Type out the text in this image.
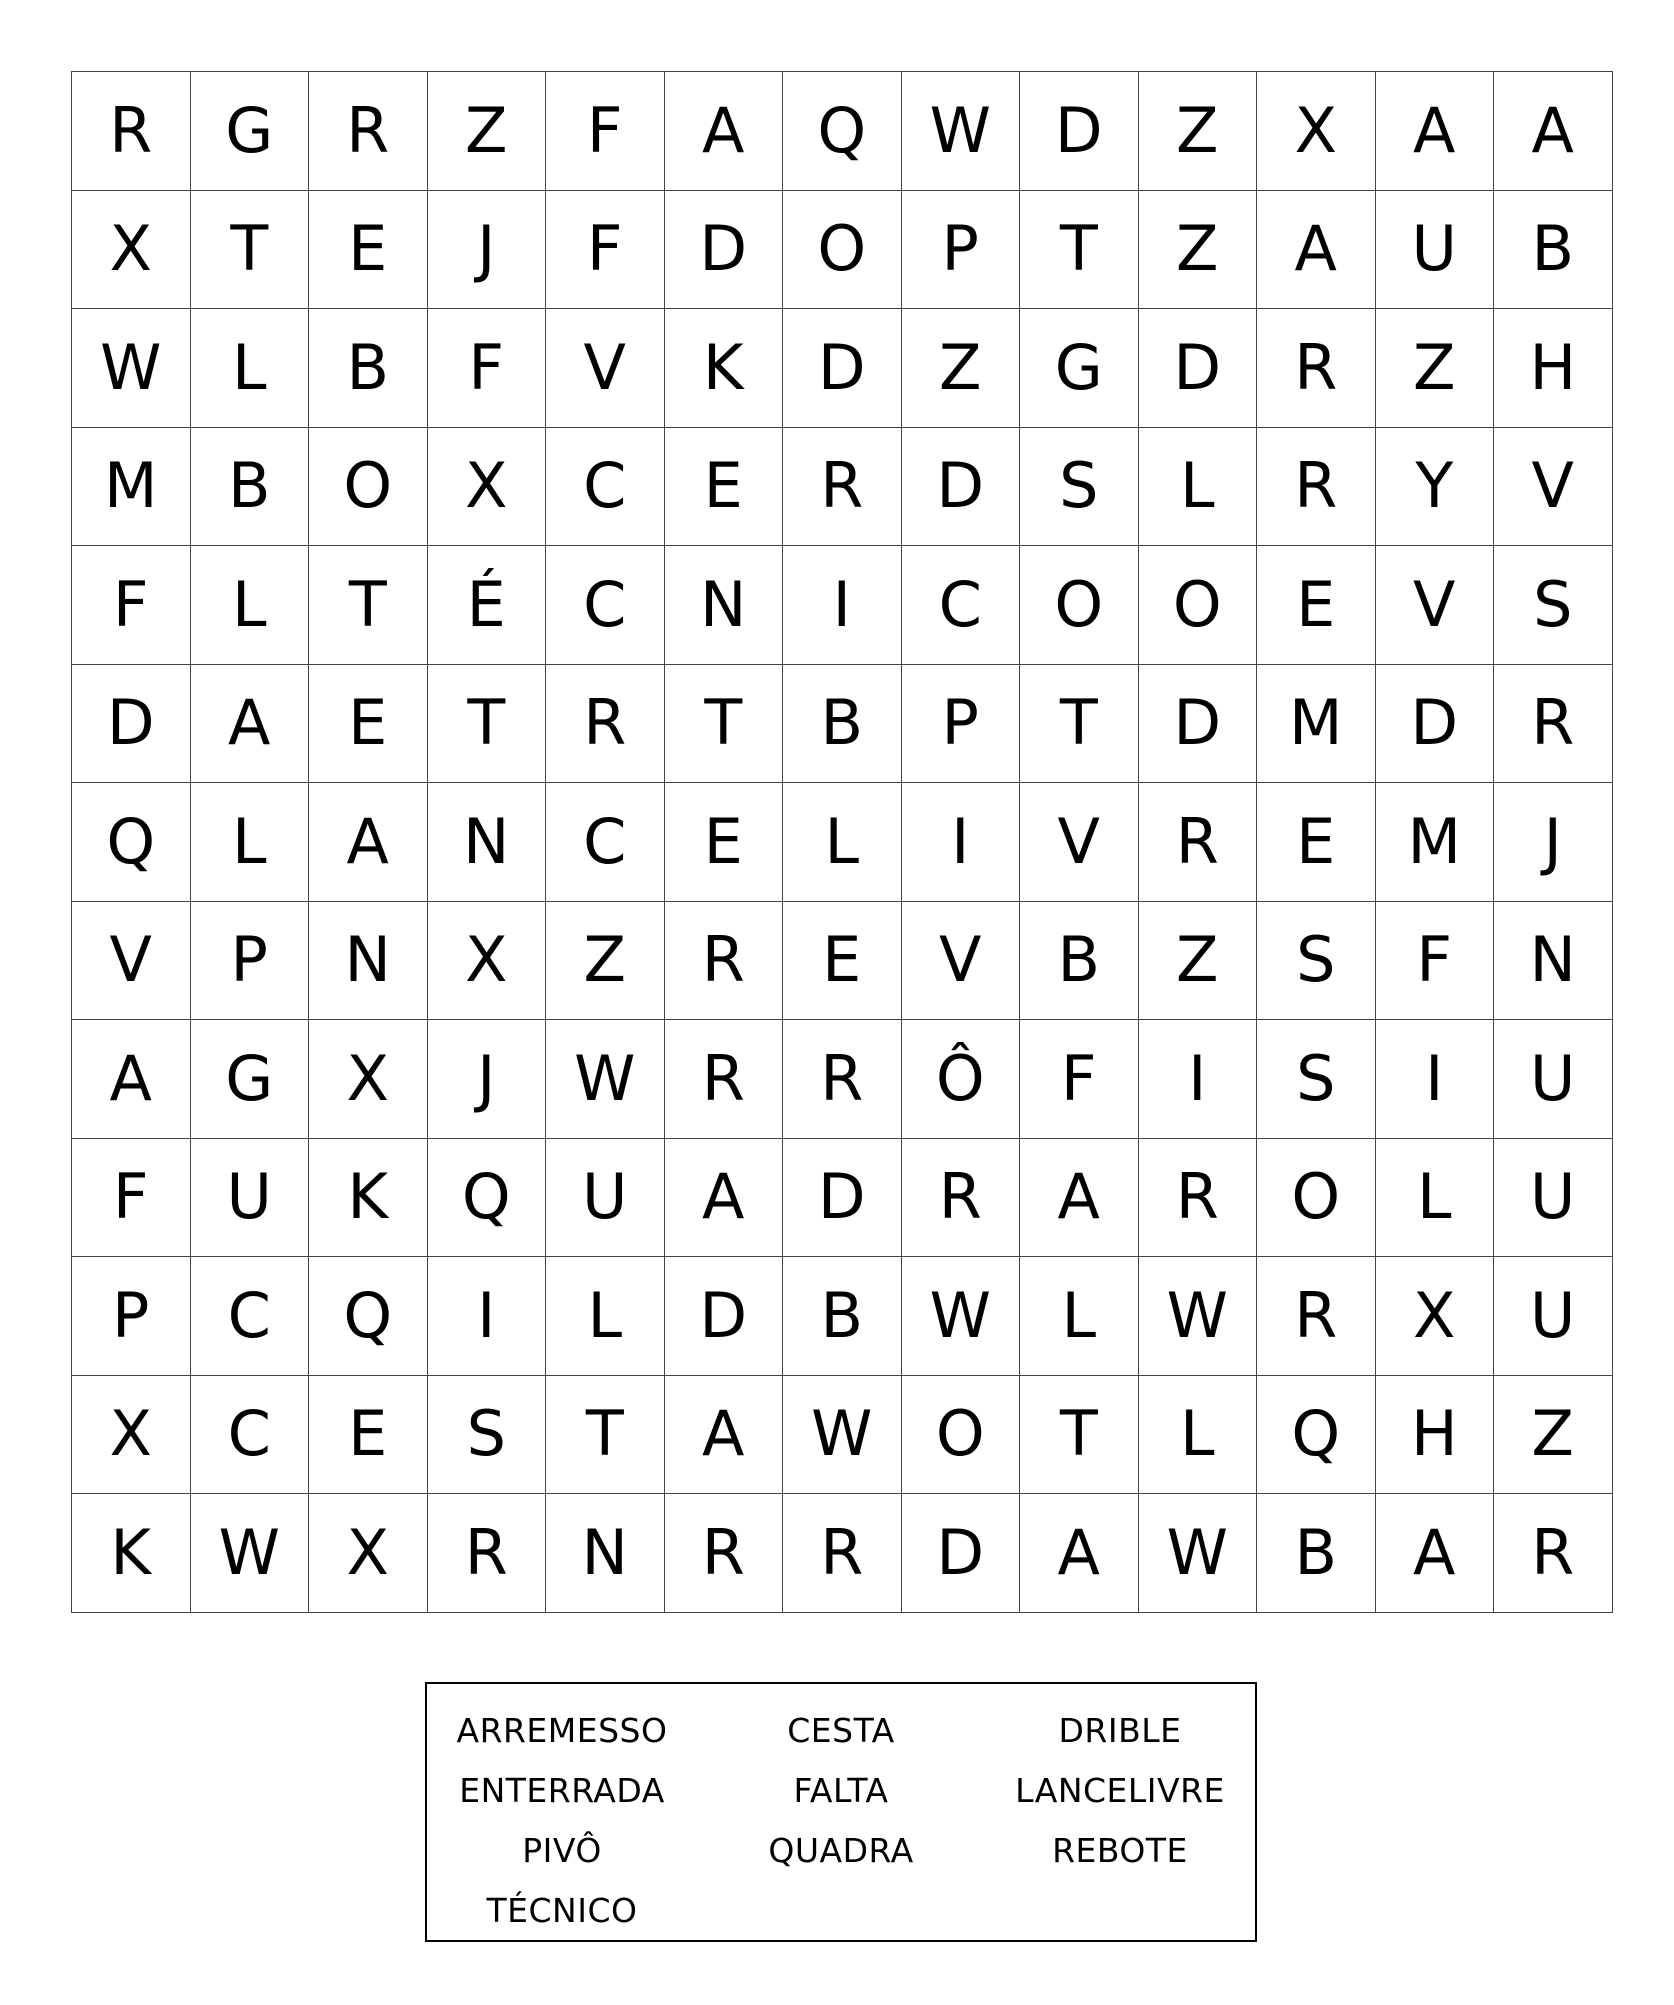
R	G	R	Z	F	A	Q	W	D	Z	X	A	A
X	T	E	J	F	D	O	P	T	Z	A	U	B
W	L	B	F	V	K	D	Z	G	D	R	Z	H
M	B	O	X	C	E	R	D	S	L	R	Y	V
F	L	T	É	C	N	I	C	O	O	E	V	S
D	A	E	T	R	T	B	P	T	D	M	D	R
Q	L	A	N	C	E	L	I	V	R	E	M	J
V	P	N	X	Z	R	E	V	B	Z	S	F	N
A	G	X	J	W	R	R	Ô	F	I	S	I	U
F	U	K	Q	U	A	D	R	A	R	O	L	U
P	C	Q	I	L	D	B	W	L	W	R	X	U
X	C	E	S	T	A	W	O	T	L	Q	H	Z
K	W	X	R	N	R	R	D	A	W	B	A	R
ARREMESSO	CESTA	DRIBLE
ENTERRADA	FALTA	LANCELIVRE
PIVÔ	QUADRA	REBOTE
TÉCNICO
